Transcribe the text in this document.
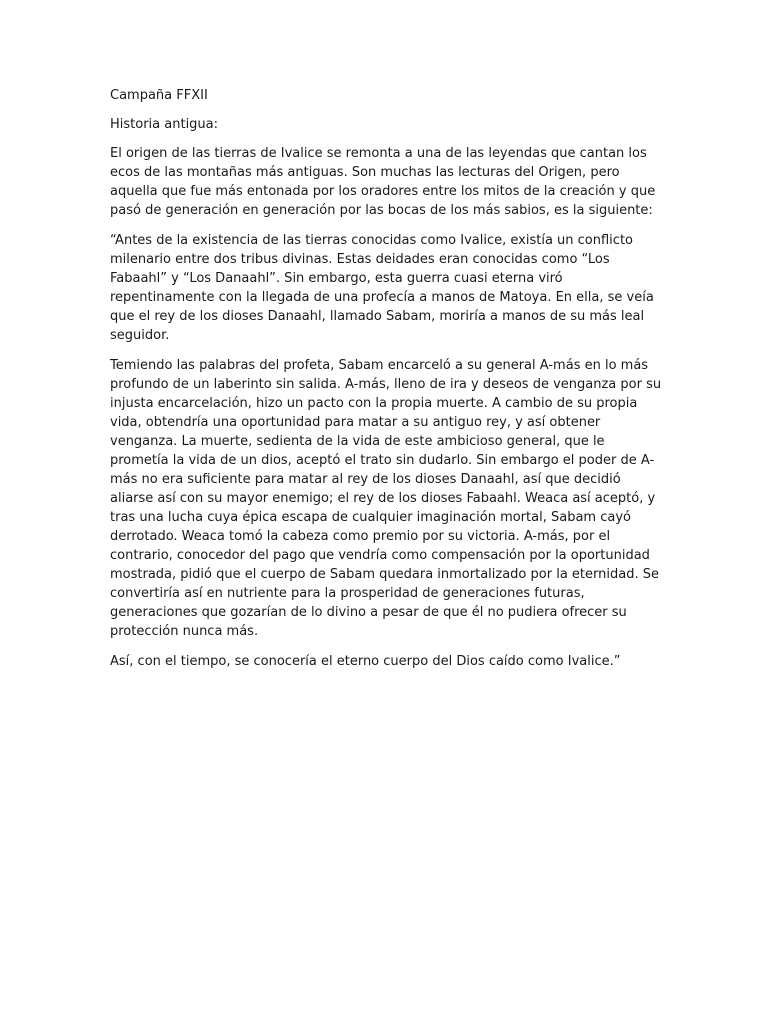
Campaña FFXII

Historia antigua:

El origen de las tierras de Ivalice se remonta a una de las leyendas que cantan los ecos de las montañas más antiguas. Son muchas las lecturas del Origen, pero aquella que fue más entonada por los oradores entre los mitos de la creación y que pasó de generación en generación por las bocas de los más sabios, es la siguiente:

“Antes de la existencia de las tierras conocidas como Ivalice, existía un conflicto milenario entre dos tribus divinas. Estas deidades eran conocidas como “Los Fabaahl” y “Los Danaahl”. Sin embargo, esta guerra cuasi eterna viró repentinamente con la llegada de una profecía a manos de Matoya. En ella, se veía que el rey de los dioses Danaahl, llamado Sabam, moriría a manos de su más leal seguidor.

Temiendo las palabras del profeta, Sabam encarceló a su general A-más en lo más profundo de un laberinto sin salida. A-más, lleno de ira y deseos de venganza por su injusta encarcelación, hizo un pacto con la propia muerte. A cambio de su propia vida, obtendría una oportunidad para matar a su antiguo rey, y así obtener venganza. La muerte, sedienta de la vida de este ambicioso general, que le prometía la vida de un dios, aceptó el trato sin dudarlo. Sin embargo el poder de A-más no era suficiente para matar al rey de los dioses Danaahl, así que decidió aliarse así con su mayor enemigo; el rey de los dioses Fabaahl. Weaca así aceptó, y tras una lucha cuya épica escapa de cualquier imaginación mortal, Sabam cayó derrotado. Weaca tomó la cabeza como premio por su victoria. A-más, por el contrario, conocedor del pago que vendría como compensación por la oportunidad mostrada, pidió que el cuerpo de Sabam quedara inmortalizado por la eternidad. Se convertiría así en nutriente para la prosperidad de generaciones futuras, generaciones que gozarían de lo divino a pesar de que él no pudiera ofrecer su protección nunca más.

Así, con el tiempo, se conocería el eterno cuerpo del Dios caído como Ivalice.”
